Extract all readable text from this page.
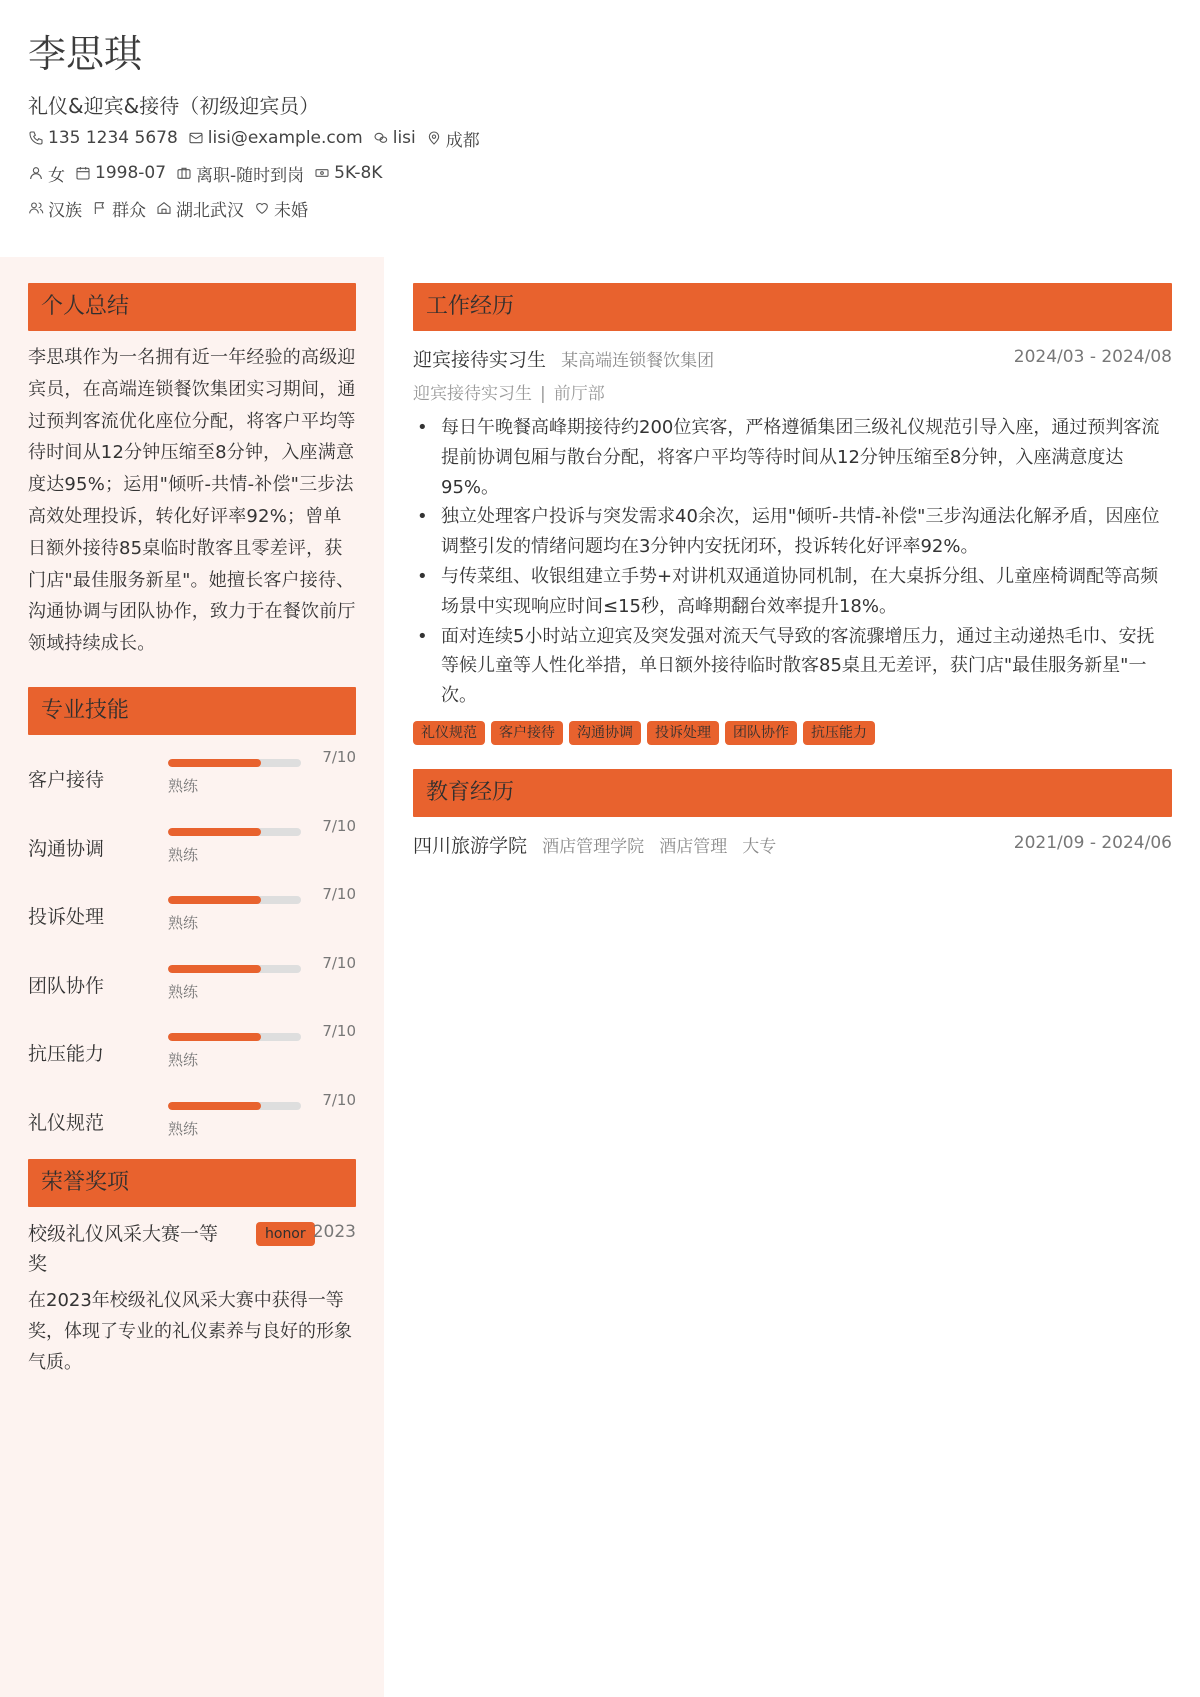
李思琪
礼仪&迎宾&接待（初级迎宾员）
135 1234 5678 lisi@example.com lisi 成都
女 1998-07 离职-随时到岗 5K-8K
汉族 群众 湖北武汉 未婚
个人总结
李思琪作为一名拥有近一年经验的高级迎宾员，在高端连锁餐饮集团实习期间，通过预判客流优化座位分配，将客户平均等待时间从12分钟压缩至8分钟，入座满意度达95%；运用"倾听-共情-补偿"三步法高效处理投诉，转化好评率92%；曾单日额外接待85桌临时散客且零差评，获门店"最佳服务新星"。她擅长客户接待、沟通协调与团队协作，致力于在餐饮前厅领域持续成长。
专业技能
客户接待
7/10
熟练
沟通协调
7/10
熟练
投诉处理
7/10
熟练
团队协作
7/10
熟练
抗压能力
7/10
熟练
礼仪规范
7/10
熟练
荣誉奖项
校级礼仪风采大赛一等奖
honor 2023
在2023年校级礼仪风采大赛中获得一等奖，体现了专业的礼仪素养与良好的形象气质。
工作经历
迎宾接待实习生 某高端连锁餐饮集团	2024/03 - 2024/08
迎宾接待实习生 | 前厅部
• 每日午晚餐高峰期接待约200位宾客，严格遵循集团三级礼仪规范引导入座，通过预判客流提前协调包厢与散台分配，将客户平均等待时间从12分钟压缩至8分钟，入座满意度达95%。
• 独立处理客户投诉与突发需求40余次，运用"倾听-共情-补偿"三步沟通法化解矛盾，因座位调整引发的情绪问题均在3分钟内安抚闭环，投诉转化好评率92%。
• 与传菜组、收银组建立手势+对讲机双通道协同机制，在大桌拆分组、儿童座椅调配等高频场景中实现响应时间≤15秒，高峰期翻台效率提升18%。
• 面对连续5小时站立迎宾及突发强对流天气导致的客流骤增压力，通过主动递热毛巾、安抚等候儿童等人性化举措，单日额外接待临时散客85桌且无差评，获门店"最佳服务新星"一次。
礼仪规范	客户接待	沟通协调	投诉处理	团队协作	抗压能力
教育经历
四川旅游学院 酒店管理学院 酒店管理 大专	2021/09 - 2024/06
